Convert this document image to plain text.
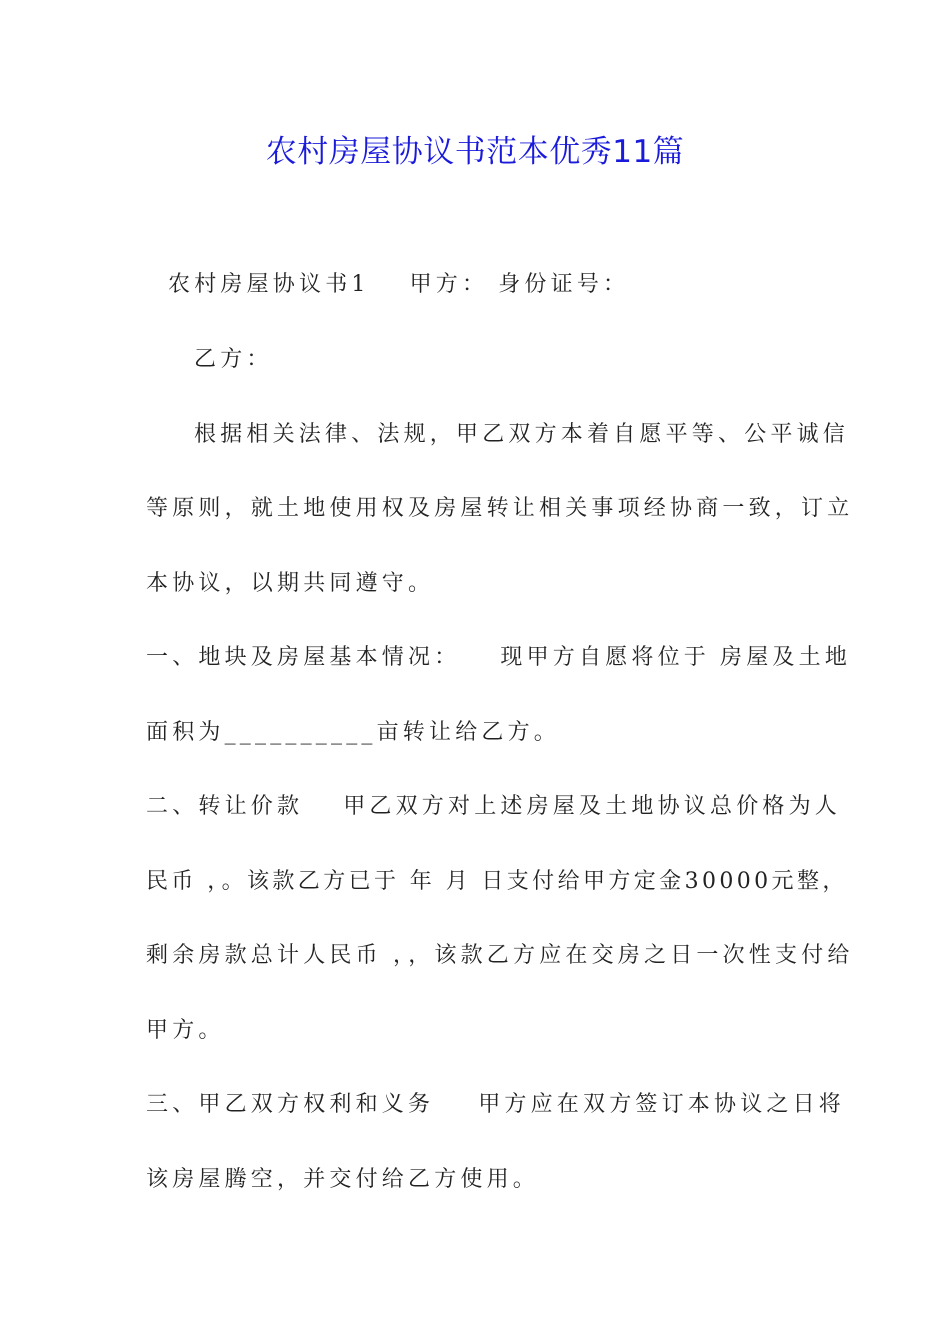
农村房屋协议书范本优秀11篇
农村房屋协议书1 甲方： 身份证号：
乙方：
根据相关法律、法规，甲乙双方本着自愿平等、公平诚信
等原则，就土地使用权及房屋转让相关事项经协商一致，订立
本协议，以期共同遵守。
一、地块及房屋基本情况： 现甲方自愿将位于 房屋及土地
面积为__________亩转让给乙方。
二、转让价款 甲乙双方对上述房屋及土地协议总价格为人
民币 ，。该款乙方已于 年 月 日支付给甲方定金30000元整，
剩余房款总计人民币 ，，该款乙方应在交房之日一次性支付给
甲方。
三、甲乙双方权利和义务 甲方应在双方签订本协议之日将
该房屋腾空，并交付给乙方使用。
